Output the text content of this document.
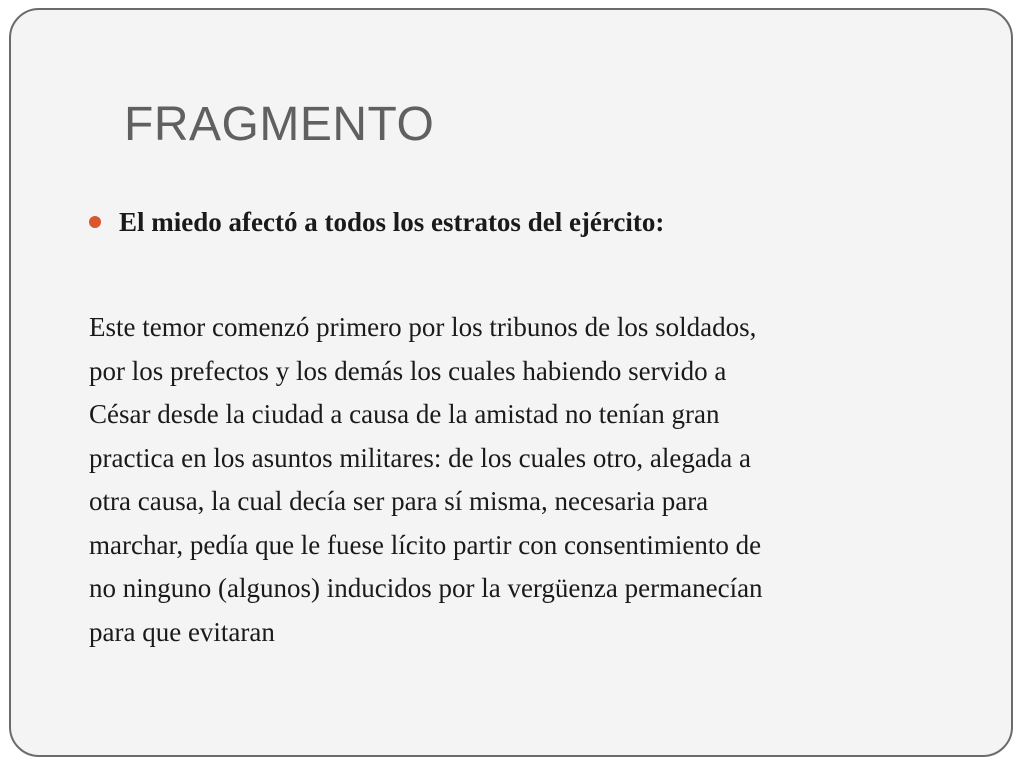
FRAGMENTO
El miedo afectó a todos los estratos del ejército:

Este temor comenzó primero por los tribunos de los soldados,
por los prefectos y los demás los cuales habiendo servido a
César desde la ciudad a causa de la amistad no tenían gran
practica en los asuntos militares: de los cuales otro, alegada a
otra causa, la cual decía ser para sí misma, necesaria para
marchar, pedía que le fuese lícito partir con consentimiento de
no ninguno (algunos) inducidos por la vergüenza permanecían
para que evitaran
